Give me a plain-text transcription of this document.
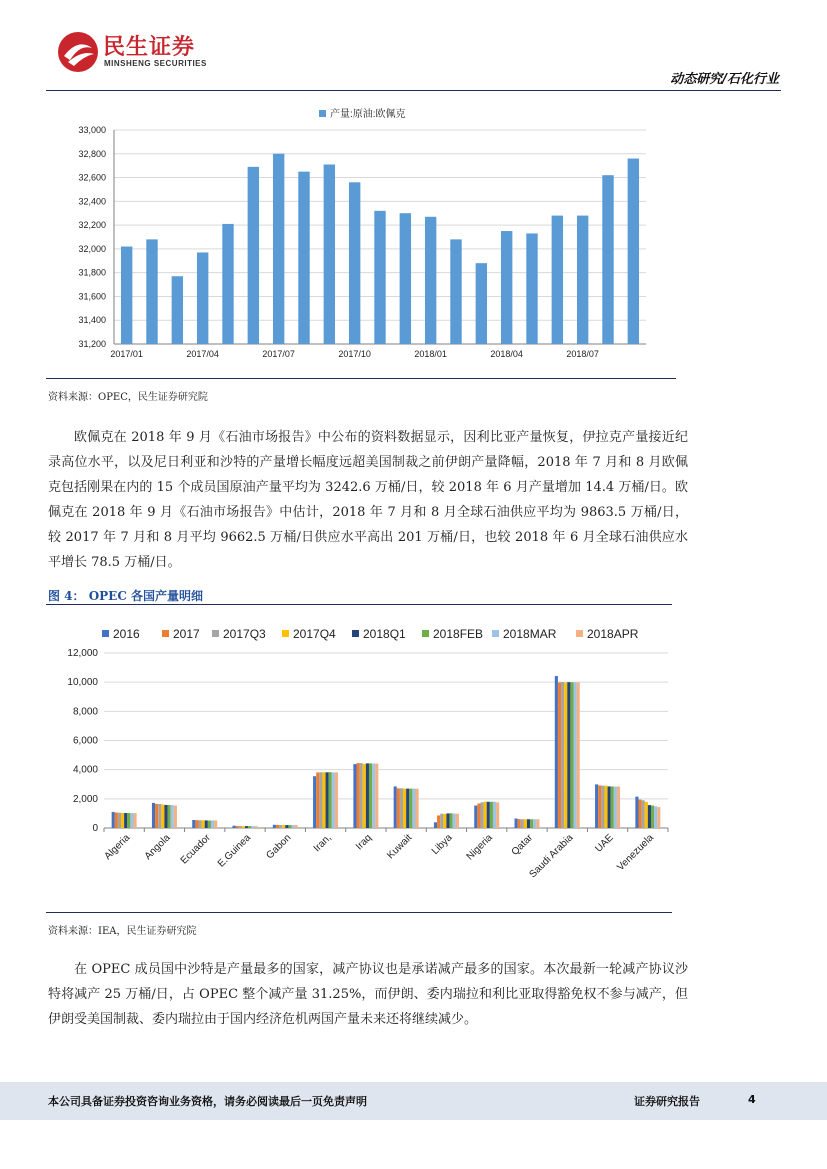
民生证券
MINSHENG SECURITIES
动态研究/石化行业
产量:原油:欧佩克
31,200
31,400
31,600
31,800
32,000
32,200
32,400
32,600
32,800
33,000
2017/01	2017/04	2017/07	2017/10	2018/01	2018/04	2018/07
资料来源：OPEC，民生证券研究院

欧佩克在 2018 年 9 月《石油市场报告》中公布的资料数据显示，因利比亚产量恢复，伊拉克产量接近纪录高位水平，以及尼日利亚和沙特的产量增长幅度远超美国制裁之前伊朗产量降幅，2018 年 7 月和 8 月欧佩克包括刚果在内的 15 个成员国原油产量平均为 3242.6 万桶/日，较 2018 年 6 月产量增加 14.4 万桶/日。欧佩克在 2018 年 9 月《石油市场报告》中估计，2018 年 7 月和 8 月全球石油供应平均为 9863.5 万桶/日，较 2017 年 7 月和 8 月平均 9662.5 万桶/日供应水平高出 201 万桶/日，也较 2018 年 6 月全球石油供应水平增长 78.5 万桶/日。

图 4： OPEC 各国产量明细
2016	2017 2017Q3 2017Q4 2018Q1 2018FEB 2018MAR	2018APR
0
2,000
4,000
6,000
8,000
10,000
12,000
Algeria Angola Ecuador E.Guinea Gabon Iran, Iraq Kuwait Libya Nigeria Qatar
Saudi Arabia UAE Venezuela
资料来源：IEA，民生证券研究院

在 OPEC 成员国中沙特是产量最多的国家，减产协议也是承诺减产最多的国家。本次最新一轮减产协议沙特将减产 25 万桶/日，占 OPEC 整个减产量 31.25%，而伊朗、委内瑞拉和利比亚取得豁免权不参与减产，但伊朗受美国制裁、委内瑞拉由于国内经济危机两国产量未来还将继续减少。

本公司具备证券投资咨询业务资格，请务必阅读最后一页免责声明	证券研究报告	4
